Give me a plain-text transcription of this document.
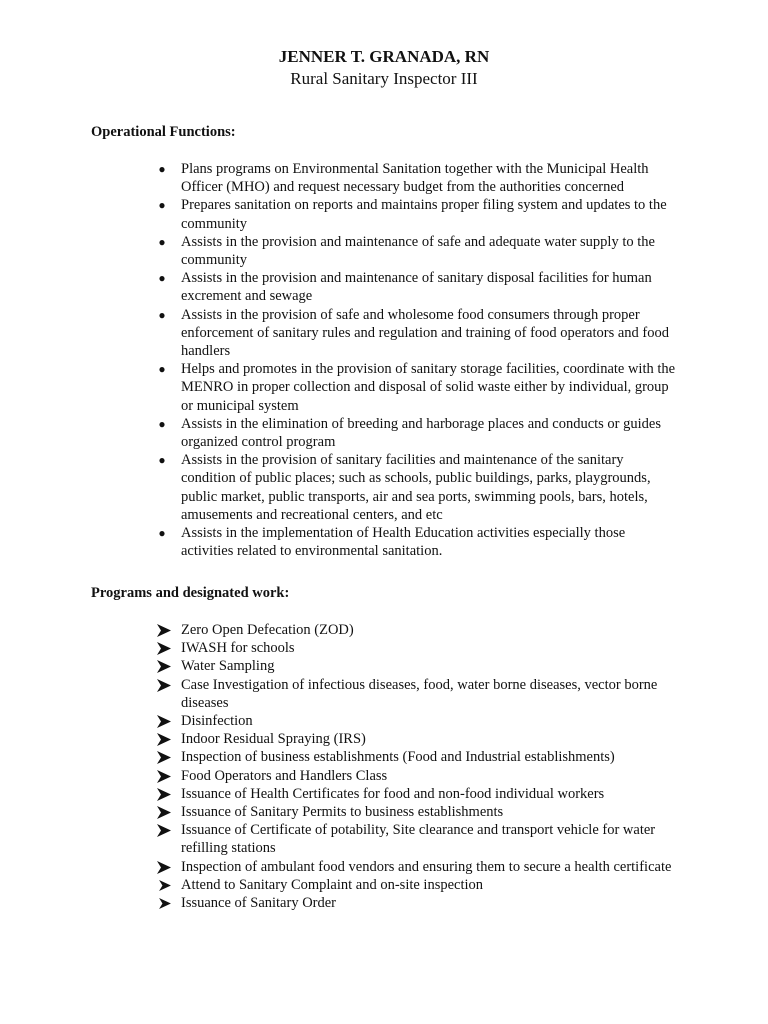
JENNER T. GRANADA, RN
Rural Sanitary Inspector III
Operational Functions:
● Plans programs on Environmental Sanitation together with the Municipal Health Officer (MHO) and request necessary budget from the authorities concerned
● Prepares sanitation on reports and maintains proper filing system and updates to the community
● Assists in the provision and maintenance of safe and adequate water supply to the community
● Assists in the provision and maintenance of sanitary disposal facilities for human excrement and sewage
● Assists in the provision of safe and wholesome food consumers through proper enforcement of sanitary rules and regulation and training of food operators and food handlers
● Helps and promotes in the provision of sanitary storage facilities, coordinate with the MENRO in proper collection and disposal of solid waste either by individual, group or municipal system
● Assists in the elimination of breeding and harborage places and conducts or guides organized control program
● Assists in the provision of sanitary facilities and maintenance of the sanitary condition of public places; such as schools, public buildings, parks, playgrounds, public market, public transports, air and sea ports, swimming pools, bars, hotels, amusements and recreational centers, and etc
● Assists in the implementation of Health Education activities especially those activities related to environmental sanitation.
Programs and designated work:
Zero Open Defecation (ZOD)
IWASH for schools
Water Sampling
Case Investigation of infectious diseases, food, water borne diseases, vector borne diseases
Disinfection
Indoor Residual Spraying (IRS)
Inspection of business establishments (Food and Industrial establishments)
Food Operators and Handlers Class
Issuance of Health Certificates for food and non-food individual workers
Issuance of Sanitary Permits to business establishments
Issuance of Certificate of potability, Site clearance and transport vehicle for water refilling stations
Inspection of ambulant food vendors and ensuring them to secure a health certificate
Attend to Sanitary Complaint and on-site inspection
Issuance of Sanitary Order
